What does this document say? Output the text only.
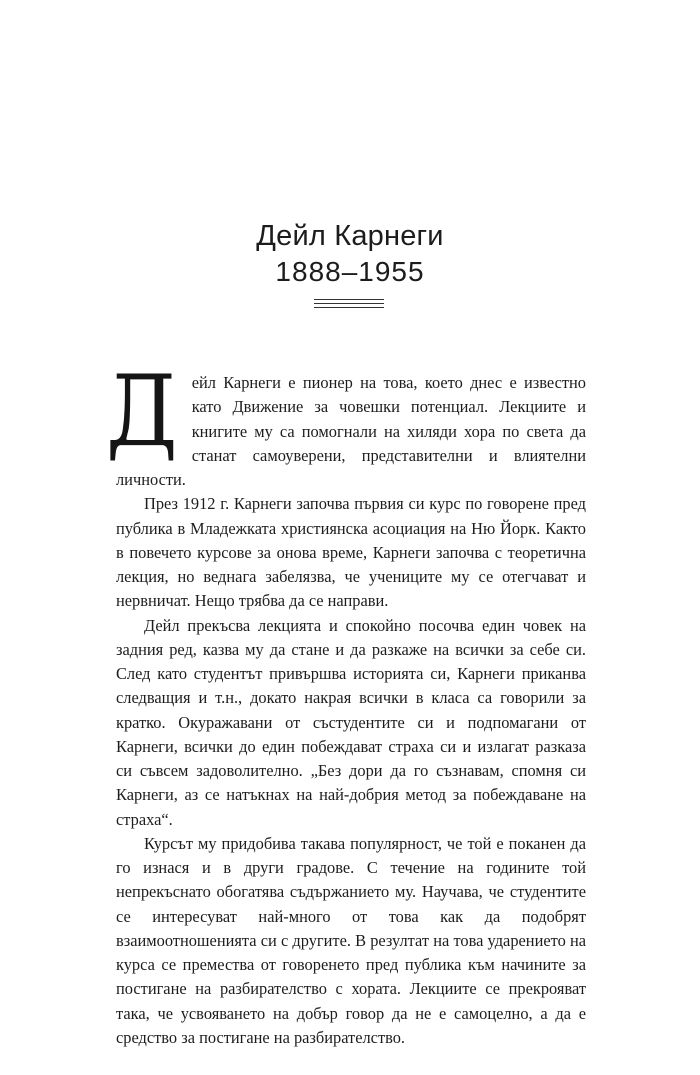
Дейл Карнеги
1888–1955

Дейл Карнеги е пионер на това, което днес е известно като Движение за човешки потенциал. Лекциите и книгите му са помогнали на хиляди хора по света да станат самоуверени, представителни и влиятелни личности.

През 1912 г. Карнеги започва първия си курс по говорене пред публика в Младежката християнска асоциация на Ню Йорк. Както в повечето курсове за онова време, Карнеги започва с теоретична лекция, но веднага забелязва, че учениците му се отегчават и нервничат. Нещо трябва да се направи.

Дейл прекъсва лекцията и спокойно посочва един човек на задния ред, казва му да стане и да разкаже на всички за себе си. След като студентът привършва историята си, Карнеги приканва следващия и т.н., докато накрая всички в класа са говорили за кратко. Окуражавани от състудентите си и подпомагани от Карнеги, всички до един побеждават страха си и излагат разказа си съвсем задоволително. „Без дори да го съзнавам, спомня си Карнеги, аз се натъкнах на най-добрия метод за побеждаване на страха“.

Курсът му придобива такава популярност, че той е поканен да го изнася и в други градове. С течение на годините той непрекъснато обогатява съдържанието му. Научава, че студентите се интересуват най-много от това как да подобрят взаимоотношенията си с другите. В резултат на това ударението на курса се премества от говоренето пред публика към начините за постигане на разбирателство с хората. Лекциите се прекрояват така, че усвояването на добър говор да не е самоцелно, а да е средство за постигане на разбирателство.
